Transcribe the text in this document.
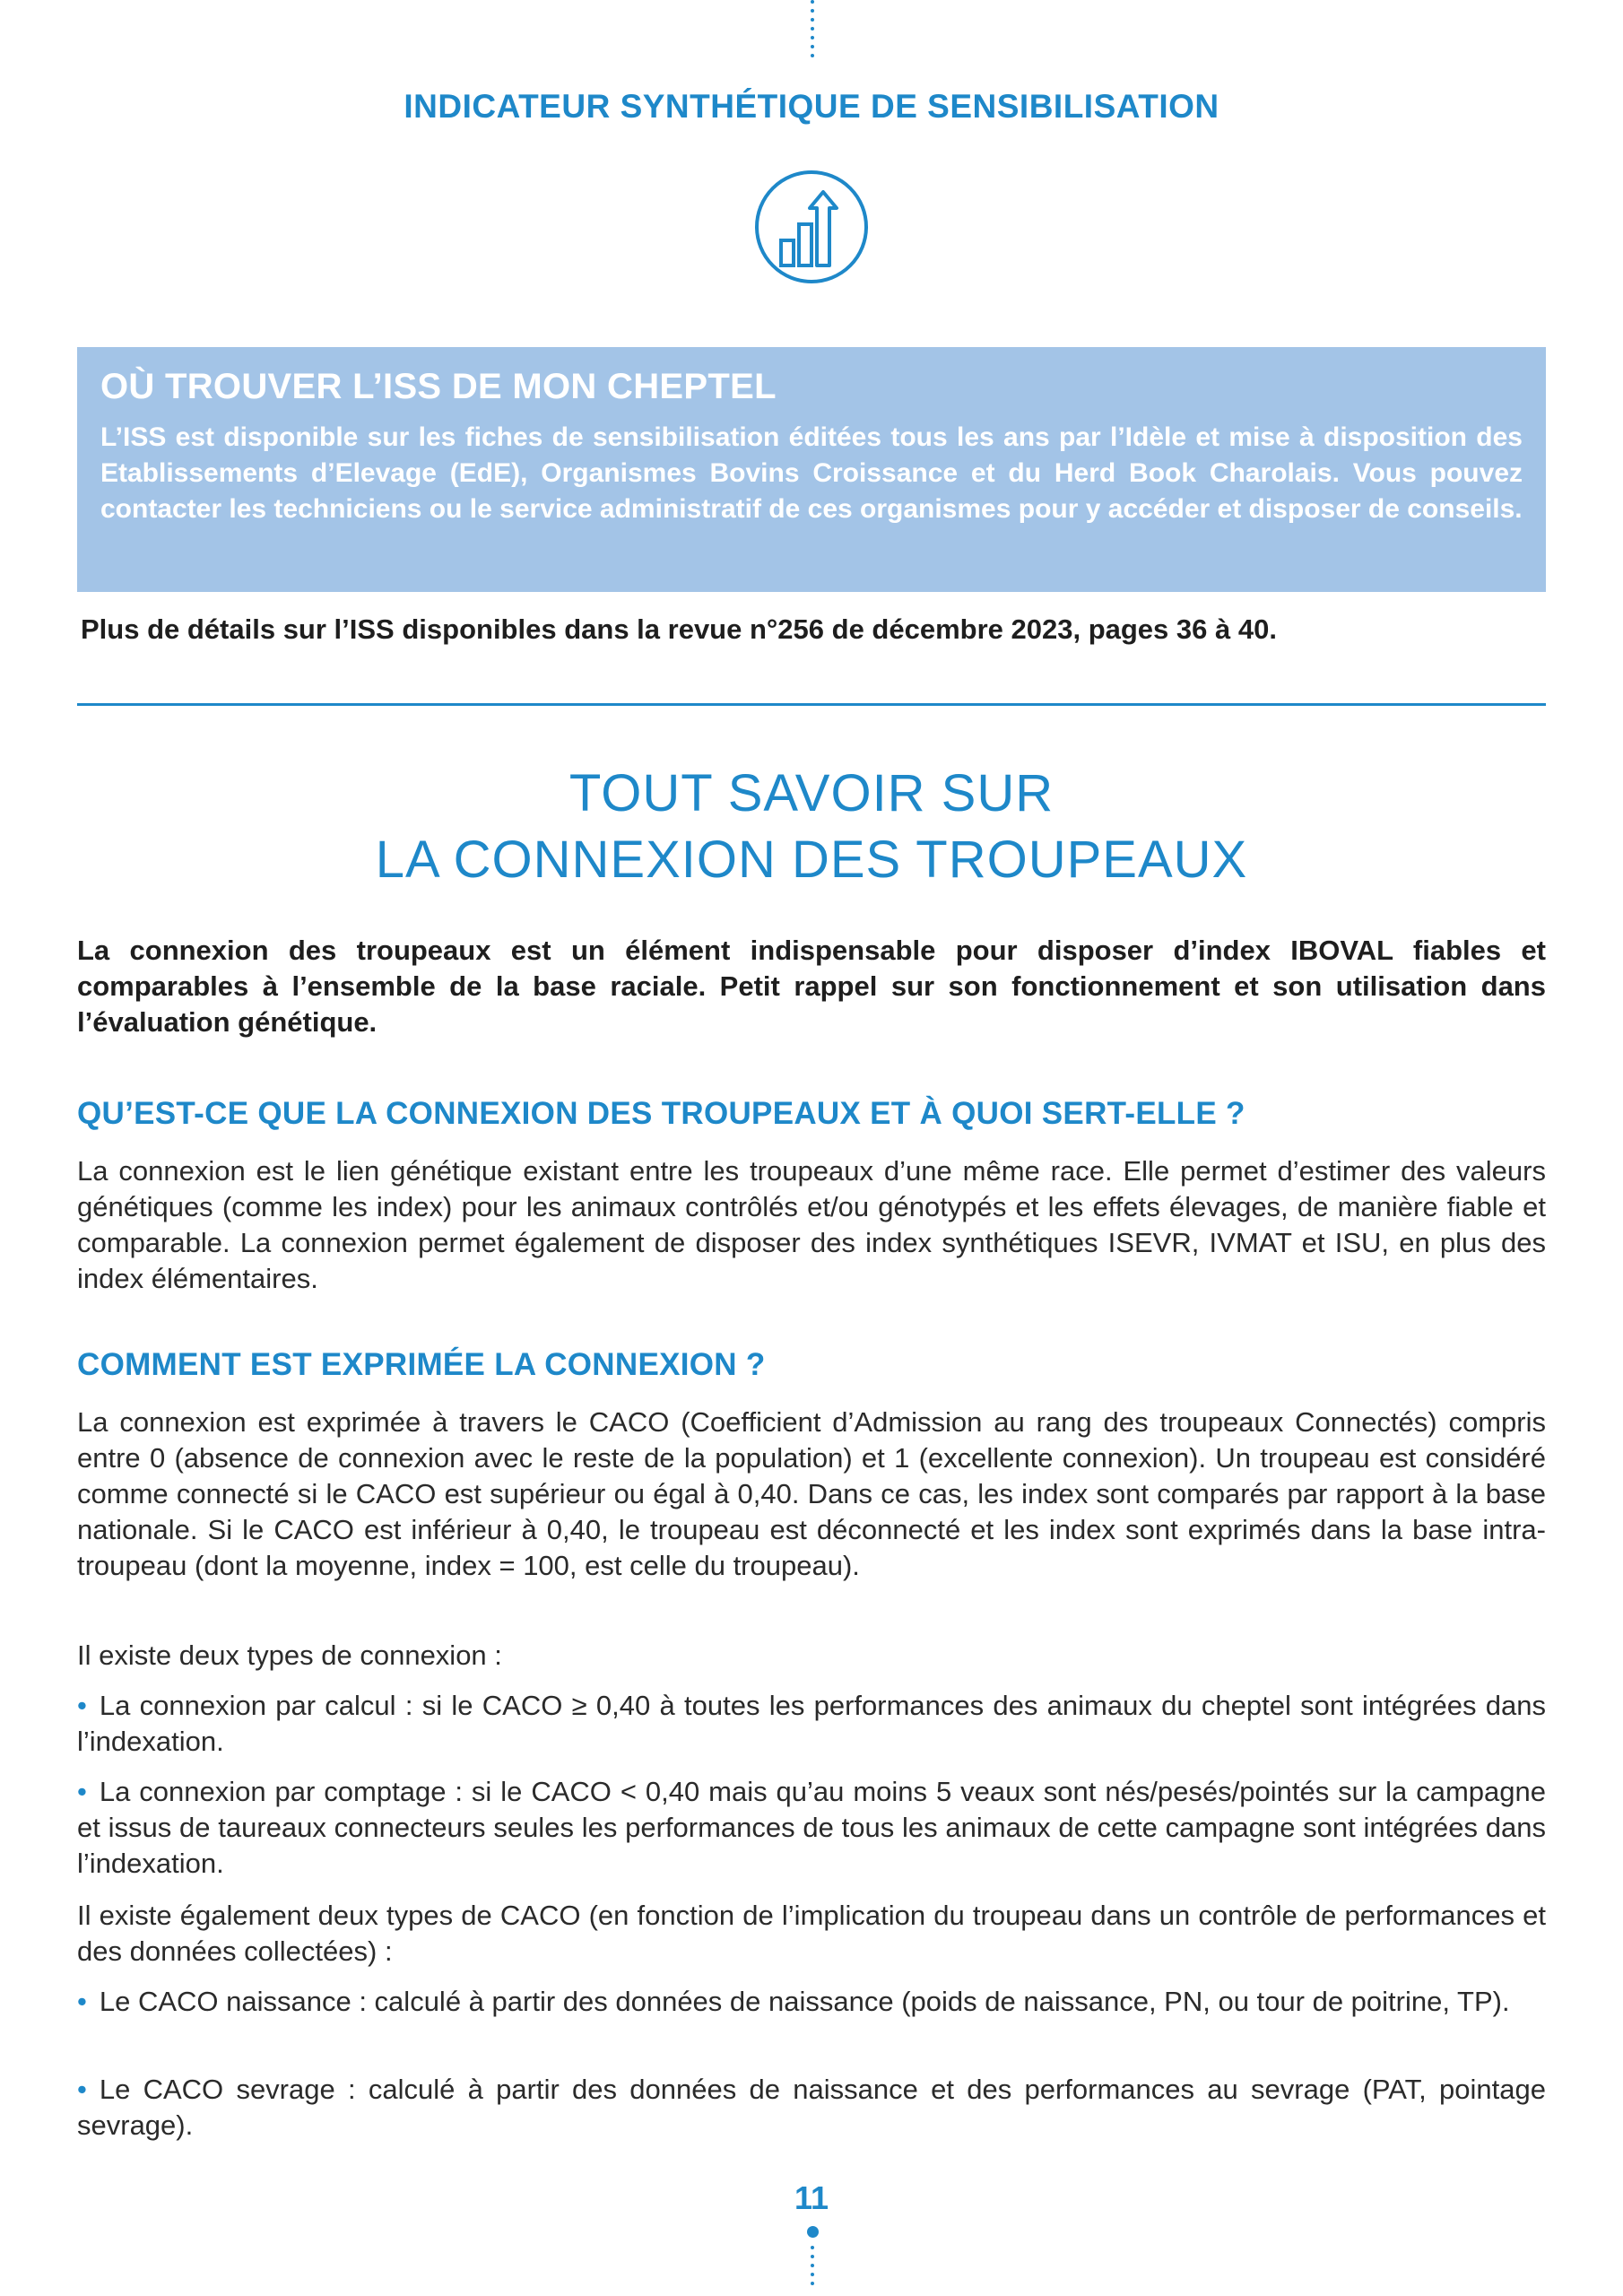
INDICATEUR SYNTHÉTIQUE DE SENSIBILISATION
OÙ TROUVER L’ISS DE MON CHEPTEL

L’ISS est disponible sur les fiches de sensibilisation éditées tous les ans par l’Idèle et mise à disposition des Etablissements d’Elevage (EdE), Organismes Bovins Croissance et du Herd Book Charolais. Vous pouvez contacter les techniciens ou le service administratif de ces organismes pour y accéder et disposer de conseils.

Plus de détails sur l’ISS disponibles dans la revue n°256 de décembre 2023, pages 36 à 40.

TOUT SAVOIR SUR
LA CONNEXION DES TROUPEAUX

La connexion des troupeaux est un élément indispensable pour disposer d’index IBOVAL fiables et comparables à l’ensemble de la base raciale. Petit rappel sur son fonctionnement et son utilisation dans l’évaluation génétique.

QU’EST-CE QUE LA CONNEXION DES TROUPEAUX ET À QUOI SERT-ELLE ?

La connexion est le lien génétique existant entre les troupeaux d’une même race. Elle permet d’estimer des valeurs génétiques (comme les index) pour les animaux contrôlés et/ou génotypés et les effets élevages, de manière fiable et comparable. La connexion permet également de disposer des index synthétiques ISEVR, IVMAT et ISU, en plus des index élémentaires.

COMMENT EST EXPRIMÉE LA CONNEXION ?

La connexion est exprimée à travers le CACO (Coefficient d’Admission au rang des troupeaux Connectés) compris entre 0 (absence de connexion avec le reste de la population) et 1 (excellente connexion). Un troupeau est considéré comme connecté si le CACO est supérieur ou égal à 0,40. Dans ce cas, les index sont comparés par rapport à la base nationale. Si le CACO est inférieur à 0,40, le troupeau est déconnecté et les index sont exprimés dans la base intra-troupeau (dont la moyenne, index = 100, est celle du troupeau).

Il existe deux types de connexion :

• La connexion par calcul : si le CACO ≥ 0,40 à toutes les performances des animaux du cheptel sont intégrées dans l’indexation.

• La connexion par comptage : si le CACO < 0,40 mais qu’au moins 5 veaux sont nés/pesés/pointés sur la campagne et issus de taureaux connecteurs seules les performances de tous les animaux de cette campagne sont intégrées dans l’indexation.

Il existe également deux types de CACO (en fonction de l’implication du troupeau dans un contrôle de performances et des données collectées) :

• Le CACO naissance : calculé à partir des données de naissance (poids de naissance, PN, ou tour de poitrine, TP).

• Le CACO sevrage : calculé à partir des données de naissance et des performances au sevrage (PAT, pointage sevrage).

11
